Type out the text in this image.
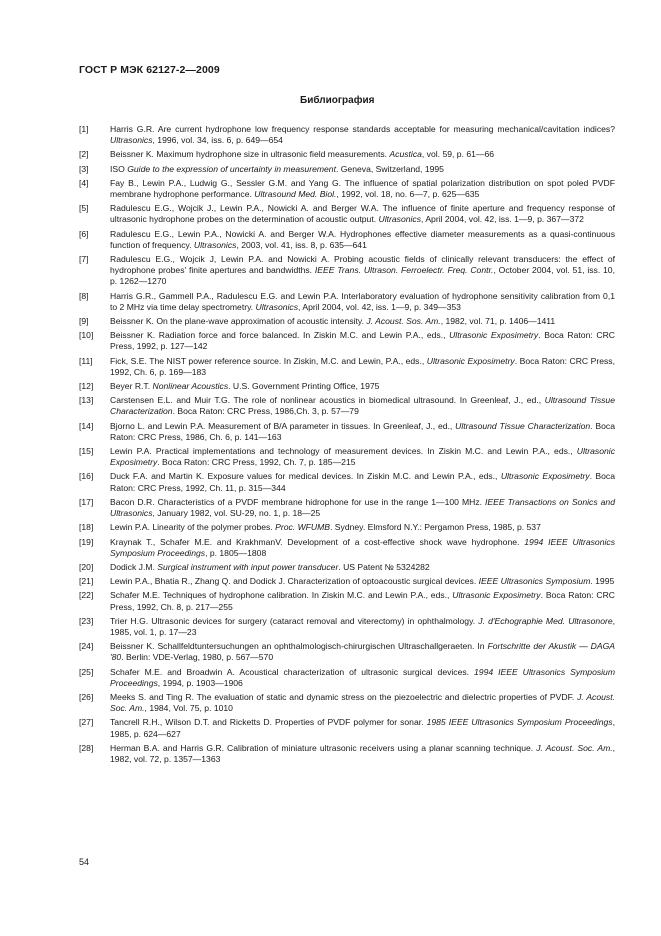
ГОСТ Р МЭК 62127-2—2009
Библиография
[1]	Harris G.R. Are current hydrophone low frequency response standards acceptable for measuring mechanical/cavitation indices? Ultrasonics, 1996, vol. 34, iss. 6, p. 649—654
[2]	Beissner K. Maximum hydrophone size in ultrasonic field measurements. Acustica, vol. 59, p. 61—66
[3]	ISO Guide to the expression of uncertainty in measurement. Geneva, Switzerland, 1995
[4]	Fay B., Lewin P.A., Ludwig G., Sessler G.M. and Yang G. The influence of spatial polarization distribution on spot poled PVDF membrane hydrophone performance. Ultrasound Med. Biol., 1992, vol. 18, no. 6—7, p. 625—635
[5]	Radulescu E.G., Wojcik J., Lewin P.A., Nowicki A. and Berger W.A. The influence of finite aperture and frequency response of ultrasonic hydrophone probes on the determination of acoustic output. Ultrasonics, April 2004, vol. 42, iss. 1—9, p. 367—372
[6]	Radulescu E.G., Lewin P.A., Nowicki A. and Berger W.A. Hydrophones effective diameter measurements as a quasi-continuous function of frequency. Ultrasonics, 2003, vol. 41, iss. 8, p. 635—641
[7]	Radulescu E.G., Wojcik J, Lewin P.A. and Nowicki A. Probing acoustic fields of clinically relevant transducers: the effect of hydrophone probes' finite apertures and bandwidths. IEEE Trans. Ultrason. Ferroelectr. Freq. Contr., October 2004, vol. 51, iss. 10, p. 1262—1270
[8]	Harris G.R., Gammell P.A., Radulescu E.G. and Lewin P.A. Interlaboratory evaluation of hydrophone sensitivity calibration from 0,1 to 2 MHz via time delay spectrometry. Ultrasonics, April 2004, vol. 42, iss. 1—9, p. 349—353
[9]	Beissner K. On the plane-wave approximation of acoustic intensity. J. Acoust. Sos. Am., 1982, vol. 71, p. 1406—1411
[10]	Beissner K. Radiation force and force balanced. In Ziskin M.C. and Lewin P.A., eds., Ultrasonic Exposimetry. Boca Raton: CRC Press, 1992, p. 127—142
[11]	Fick, S.E. The NIST power reference source. In Ziskin, M.C. and Lewin, P.A., eds., Ultrasonic Exposimetry. Boca Raton: CRC Press, 1992, Ch. 6, p. 169—183
[12]	Beyer R.T. Nonlinear Acoustics. U.S. Government Printing Office, 1975
[13]	Carstensen E.L. and Muir T.G. The role of nonlinear acoustics in biomedical ultrasound. In Greenleaf, J., ed., Ultrasound Tissue Characterization. Boca Raton: CRC Press, 1986,Ch. 3, p. 57—79
[14]	Bjorno L. and Lewin P.A. Measurement of B/A parameter in tissues. In Greenleaf, J., ed., Ultrasound Tissue Characterization. Boca Raton: CRC Press, 1986, Ch. 6, p. 141—163
[15]	Lewin P.A. Practical implementations and technology of measurement devices. In Ziskin M.C. and Lewin P.A., eds., Ultrasonic Exposimetry. Boca Raton: CRC Press, 1992, Ch. 7, p. 185—215
[16]	Duck F.A. and Martin K. Exposure values for medical devices. In Ziskin M.C. and Lewin P.A., eds., Ultrasonic Exposimetry. Boca Raton: CRC Press, 1992, Ch. 11, p. 315—344
[17]	Bacon D.R. Characteristics of a PVDF membrane hidrophone for use in the range 1—100 MHz. IEEE Transactions on Sonics and Ultrasonics, January 1982, vol. SU-29, no. 1, p. 18—25
[18]	Lewin P.A. Linearity of the polymer probes. Proc. WFUMB. Sydney. Elmsford N.Y.: Pergamon Press, 1985, p. 537
[19]	Kraynak T., Schafer M.E. and KrakhmanV. Development of a cost-effective shock wave hydrophone. 1994 IEEE Ultrasonics Symposium Proceedings, p. 1805—1808
[20]	Dodick J.M. Surgical instrument with input power transducer. US Patent № 5324282
[21]	Lewin P.A., Bhatia R., Zhang Q. and Dodick J. Characterization of optoacoustic surgical devices. IEEE Ultrasonics Symposium. 1995
[22]	Schafer M.E. Techniques of hydrophone calibration. In Ziskin M.C. and Lewin P.A., eds., Ultrasonic Exposimetry. Boca Raton: CRC Press, 1992, Ch. 8, p. 217—255
[23]	Trier H.G. Ultrasonic devices for surgery (cataract removal and viterectomy) in ophthalmology. J. d'Echographie Med. Ultrasonore, 1985, vol. 1, p. 17—23
[24]	Beissner K. Schallfeldtuntersuchungen an ophthalmologisch-chirurgischen Ultraschallgeraeten. In Fortschritte der Akustik — DAGA '80. Berlin: VDE-Verlag, 1980, p. 567—570
[25]	Schafer M.E. and Broadwin A. Acoustical characterization of ultrasonic surgical devices. 1994 IEEE Ultrasonics Symposium Proceedings, 1994, p. 1903—1906
[26]	Meeks S. and Ting R. The evaluation of static and dynamic stress on the piezoelectric and dielectric properties of PVDF. J. Acoust. Soc. Am., 1984, Vol. 75, p. 1010
[27]	Tancrell R.H., Wilson D.T. and Ricketts D. Properties of PVDF polymer for sonar. 1985 IEEE Ultrasonics Symposium Proceedings, 1985, p. 624—627
[28]	Herman B.A. and Harris G.R. Calibration of miniature ultrasonic receivers using a planar scanning technique. J. Acoust. Soc. Am., 1982, vol. 72, p. 1357—1363
54
